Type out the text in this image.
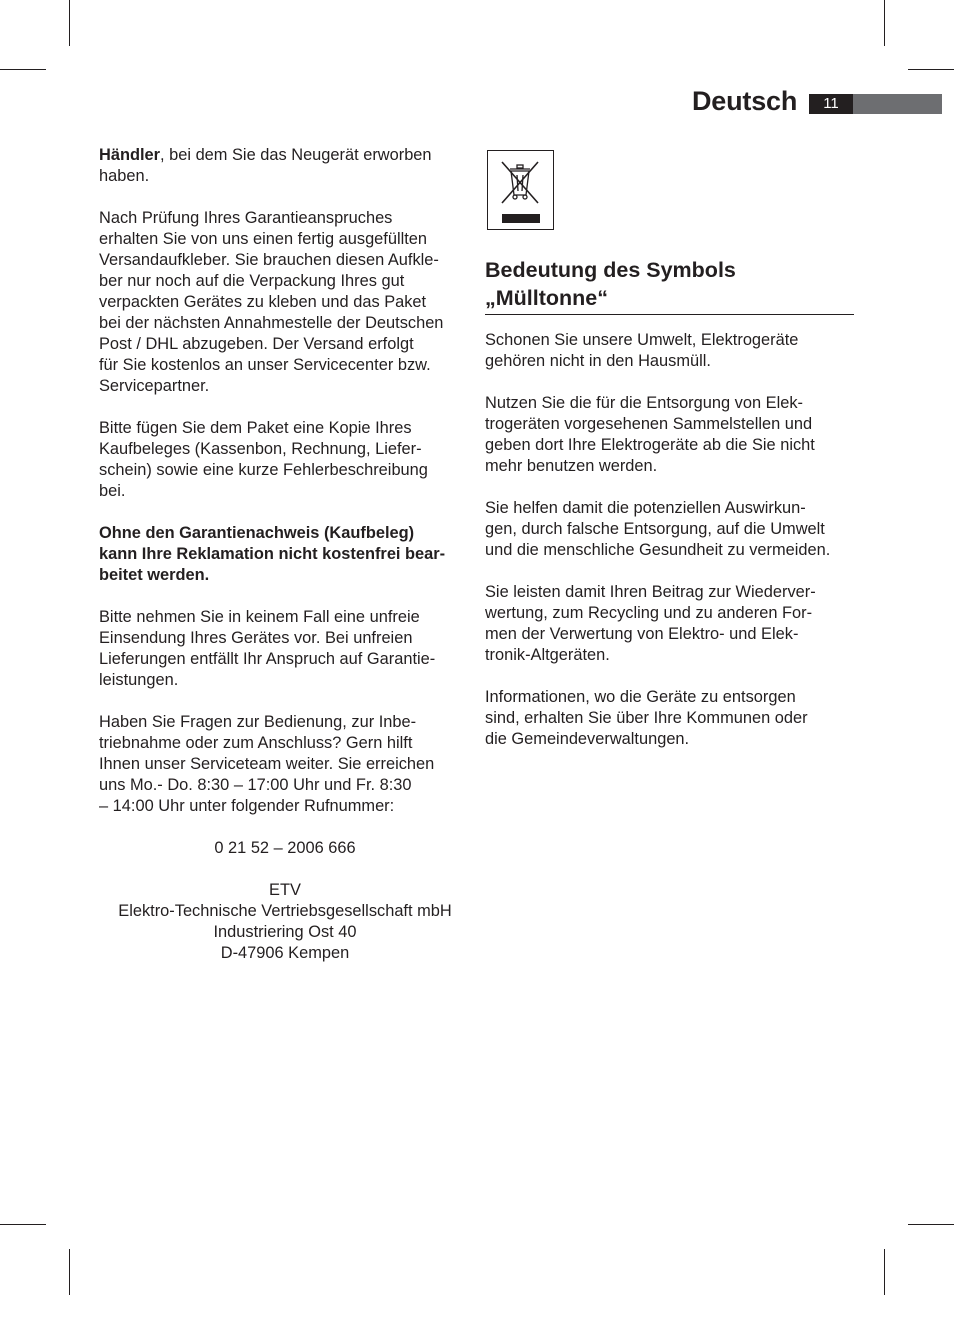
Deutsch	11

Händler, bei dem Sie das Neugerät erworben
haben.

Nach Prüfung Ihres Garantieanspruches
erhalten Sie von uns einen fertig ausgefüllten
Versandaufkleber. Sie brauchen diesen Aufkle-
ber nur noch auf die Verpackung Ihres gut
verpackten Gerätes zu kleben und das Paket
bei der nächsten Annahmestelle der Deutschen
Post / DHL abzugeben. Der Versand erfolgt
für Sie kostenlos an unser Servicecenter bzw.
Servicepartner.

Bitte fügen Sie dem Paket eine Kopie Ihres
Kaufbeleges (Kassenbon, Rechnung, Liefer-
schein) sowie eine kurze Fehlerbeschreibung
bei.

Ohne den Garantienachweis (Kaufbeleg)
kann Ihre Reklamation nicht kostenfrei bear-
beitet werden.

Bitte nehmen Sie in keinem Fall eine unfreie
Einsendung Ihres Gerätes vor. Bei unfreien
Lieferungen entfällt Ihr Anspruch auf Garantie-
leistungen.

Haben Sie Fragen zur Bedienung, zur Inbe-
triebnahme oder zum Anschluss? Gern hilft
Ihnen unser Serviceteam weiter. Sie erreichen
uns Mo.- Do. 8:30 – 17:00 Uhr und Fr. 8:30
– 14:00 Uhr unter folgender Rufnummer:

0 21 52 – 2006 666

ETV

Elektro-Technische Vertriebsgesellschaft mbH

Industriering Ost 40

D-47906 Kempen

Bedeutung des Symbols
„Mülltonne“

Schonen Sie unsere Umwelt, Elektrogeräte
gehören nicht in den Hausmüll.

Nutzen Sie die für die Entsorgung von Elek-
trogeräten vorgesehenen Sammelstellen und
geben dort Ihre Elektrogeräte ab die Sie nicht
mehr benutzen werden.

Sie helfen damit die potenziellen Auswirkun-
gen, durch falsche Entsorgung, auf die Umwelt
und die menschliche Gesundheit zu vermeiden.

Sie leisten damit Ihren Beitrag zur Wiederver-
wertung, zum Recycling und zu anderen For-
men der Verwertung von Elektro- und Elek-
tronik-Altgeräten.

Informationen, wo die Geräte zu entsorgen
sind, erhalten Sie über Ihre Kommunen oder
die Gemeindeverwaltungen.
